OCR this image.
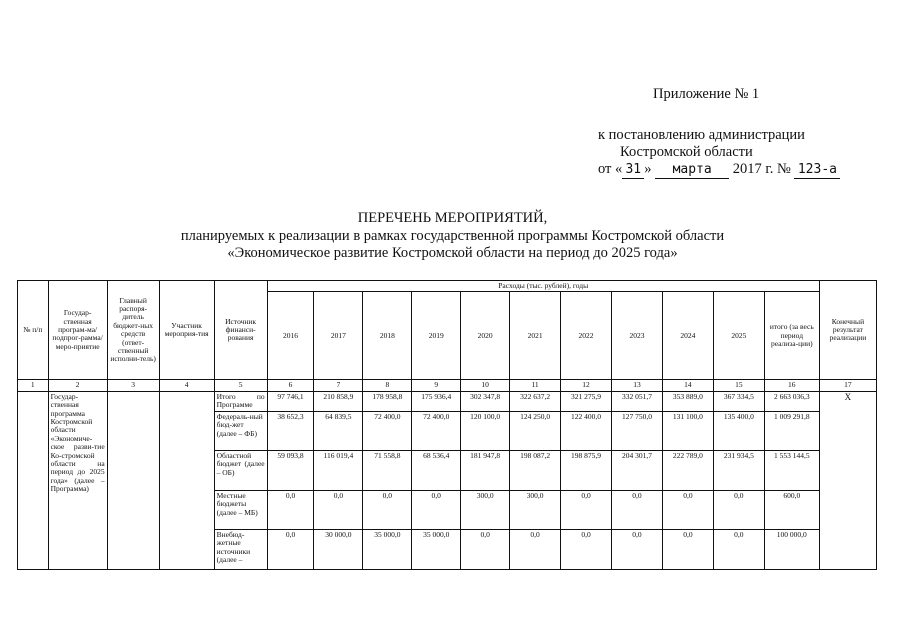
Приложение № 1
к постановлению администрации
Костромской области
от « 31 » марта 2017 г. № 123-а
ПЕРЕЧЕНЬ МЕРОПРИЯТИЙ,
планируемых к реализации в рамках государственной программы Костромской области
«Экономическое развитие Костромской области на период до 2025 года»
№ п/п	Государ-ственная програм-ма/подпрог-рамма/меро-приятие	Главный распоря-дитель бюджет-ных средств (ответ-ственный исполни-тель)	Участник мероприя-тия	Источник финанси-рования	Расходы (тыс. рублей), годы											Конечный результат реализации
					2016	2017	2018	2019	2020	2021	2022	2023	2024	2025	итого (за весь период реализа-ции)	
1	2	3	4	5	6	7	8	9	10	11	12	13	14	15	16	17
	Государ-ственная программа Костромской области «Экономиче-ское разви-тие Ко-стромской области на период до 2025 года» (далее – Программа)			Итого по Программе	97 746,1	210 858,9	178 958,8	175 936,4	302 347,8	322 637,2	321 275,9	332 051,7	353 889,0	367 334,5	2 663 036,3	X
				Федераль-ный бюд-жет (далее – ФБ)	38 652,3	64 839,5	72 400,0	72 400,0	120 100,0	124 250,0	122 400,0	127 750,0	131 100,0	135 400,0	1 009 291,8	
				Областной бюджет (далее – ОБ)	59 093,8	116 019,4	71 558,8	68 536,4	181 947,8	198 087,2	198 875,9	204 301,7	222 789,0	231 934,5	1 553 144,5	
				Местные бюджеты (далее – МБ)	0,0	0,0	0,0	0,0	300,0	300,0	0,0	0,0	0,0	0,0	600,0	
				Внебюд-жетные источники (далее –	0,0	30 000,0	35 000,0	35 000,0	0,0	0,0	0,0	0,0	0,0	0,0	100 000,0	
